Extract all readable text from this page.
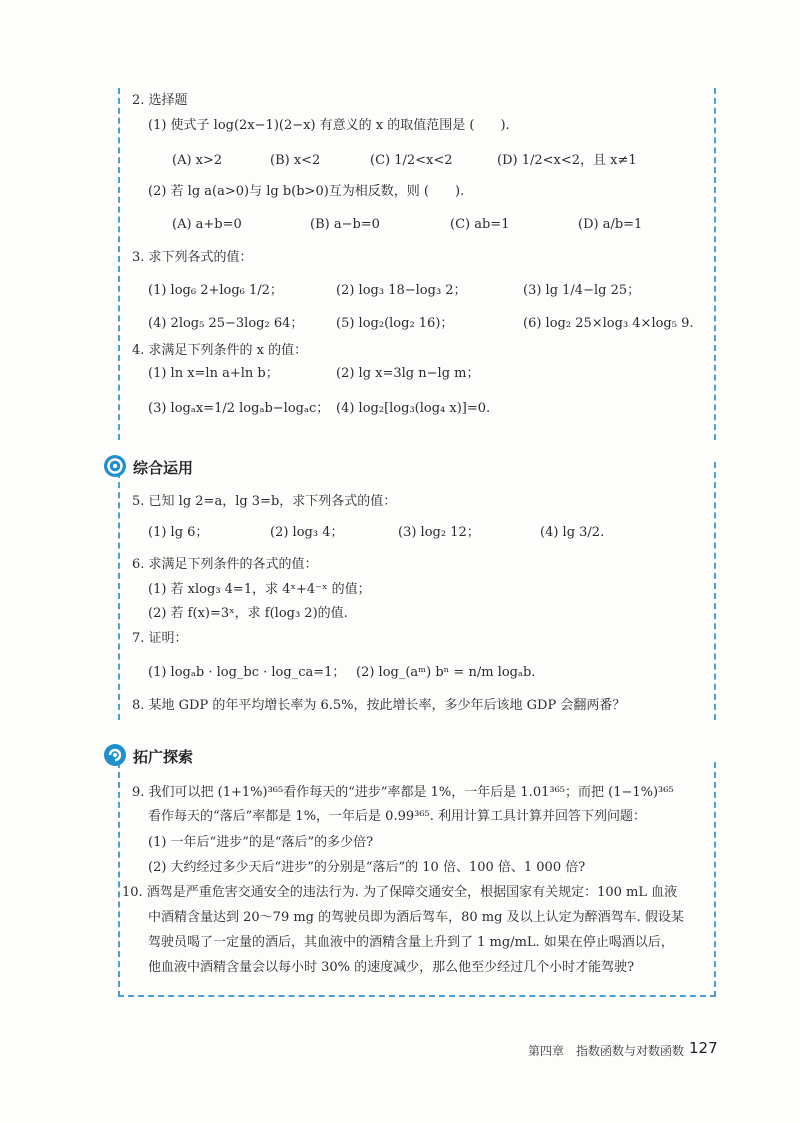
综合运用
拓广探索
2. 选择题
(1) 使式子 log(2x−1)(2−x) 有意义的 x 的取值范围是 (　　).
(A) x>2	(B) x<2	(C) 1/2<x<2	(D) 1/2<x<2，且 x≠1
(2) 若 lg a(a>0)与 lg b(b>0)互为相反数，则 (　　).
(A) a+b=0	(B) a−b=0	(C) ab=1	(D) a/b=1
3. 求下列各式的值：
(1) log₆ 2+log₆ 1/2；	(2) log₃ 18−log₃ 2；	(3) lg 1/4−lg 25；
(4) 2log₅ 25−3log₂ 64；	(5) log₂(log₂ 16)；	(6) log₂ 25×log₃ 4×log₅ 9.
4. 求满足下列条件的 x 的值：
(1) ln x=ln a+ln b；	(2) lg x=3lg n−lg m；
(3) logₐx=1/2 logₐb−logₐc； (4) log₂[log₃(log₄ x)]=0.
5. 已知 lg 2=a，lg 3=b，求下列各式的值：
(1) lg 6；	(2) log₃ 4；	(3) log₂ 12；	(4) lg 3/2.
6. 求满足下列条件的各式的值：
(1) 若 xlog₃ 4=1，求 4ˣ+4⁻ˣ 的值；
(2) 若 f(x)=3ˣ，求 f(log₃ 2)的值.
7. 证明：
(1) logₐb · log_bc · log_ca=1； (2) log_(aᵐ) bⁿ = n/m logₐb.
8. 某地 GDP 的年平均增长率为 6.5%，按此增长率，多少年后该地 GDP 会翻两番？
9. 我们可以把 (1+1%)³⁶⁵看作每天的“进步”率都是 1%，一年后是 1.01³⁶⁵；而把 (1−1%)³⁶⁵
看作每天的“落后”率都是 1%，一年后是 0.99³⁶⁵. 利用计算工具计算并回答下列问题：
(1) 一年后“进步”的是“落后”的多少倍?
(2) 大约经过多少天后“进步”的分别是“落后”的 10 倍、100 倍、1 000 倍?
10. 酒驾是严重危害交通安全的违法行为. 为了保障交通安全，根据国家有关规定：100 mL 血液
中酒精含量达到 20～79 mg 的驾驶员即为酒后驾车，80 mg 及以上认定为醉酒驾车. 假设某
驾驶员喝了一定量的酒后，其血液中的酒精含量上升到了 1 mg/mL. 如果在停止喝酒以后，
他血液中酒精含量会以每小时 30% 的速度减少，那么他至少经过几个小时才能驾驶?
第四章　指数函数与对数函数 127
